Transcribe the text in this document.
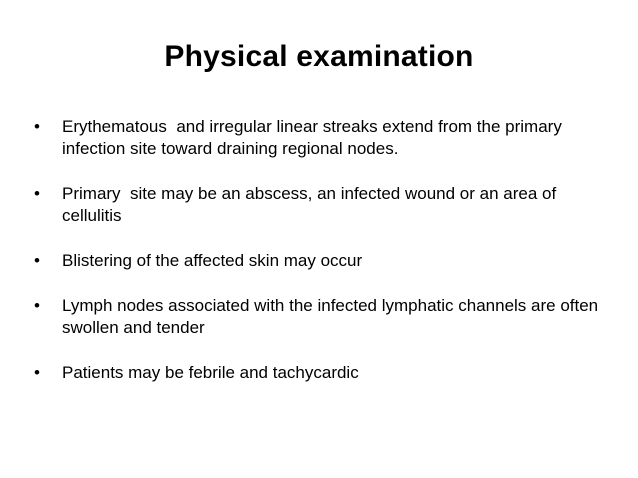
Physical examination
• Erythematous  and irregular linear streaks extend from the primary infection site toward draining regional nodes.
• Primary  site may be an abscess, an infected wound or an area of cellulitis
• Blistering of the affected skin may occur
• Lymph nodes associated with the infected lymphatic channels are often swollen and tender
• Patients may be febrile and tachycardic
